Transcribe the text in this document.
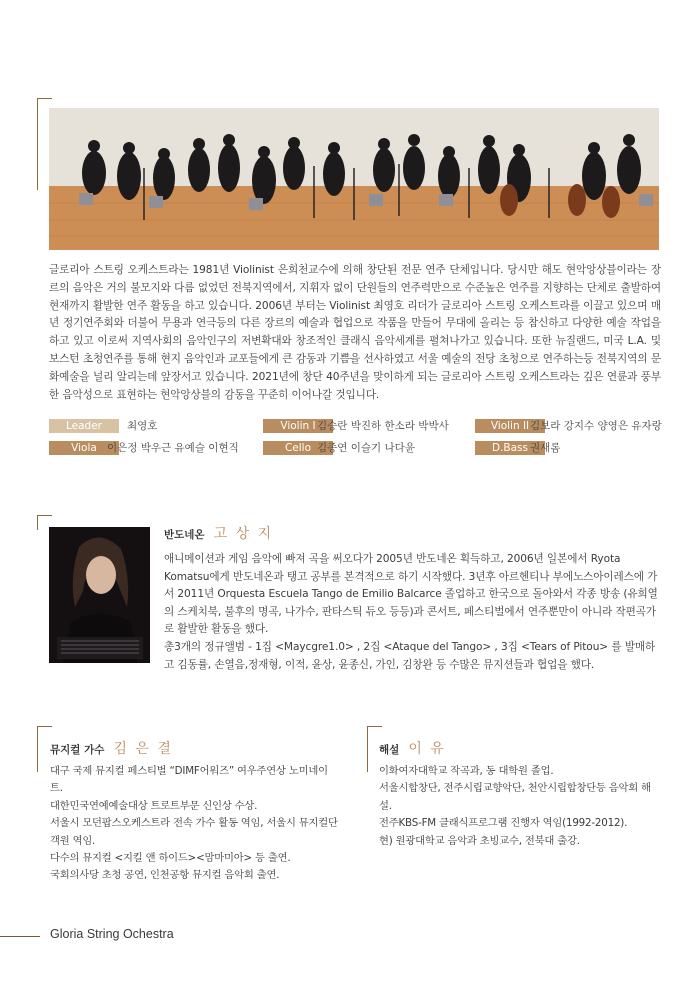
글로리아 스트링 오케스트라는 1981년 Violinist 은희천교수에 의해 창단된 전문 연주 단체입니다. 당시만 해도 현악앙상블이라는 장르의 음악은 거의 불모지와 다름 없었던 전북지역에서, 지휘자 없이 단원들의 연주력만으로 수준높은 연주를 지향하는 단체로 출발하여 현재까지 활발한 연주 활동을 하고 있습니다. 2006년 부터는 Violinist 최영호 리더가 글로리아 스트링 오케스트라를 이끌고 있으며 매년 정기연주회와 더불어 무용과 연극등의 다른 장르의 예술과 협업으로 작품을 만들어 무대에 올리는 등 참신하고 다양한 예술 작업을 하고 있고 이로써 지역사회의 음악인구의 저변확대와 창조적인 클래식 음악세계를 펼쳐나가고 있습니다. 또한 뉴질랜드, 미국 L.A. 및 보스턴 초청연주를 통해 현지 음악인과 교포들에게 큰 감동과 기쁨을 선사하였고 서울 예술의 전당 초청으로 연주하는등 전북지역의 문화예술을 널리 알리는데 앞장서고 있습니다. 2021년에 창단 40주년을 맞이하게 되는 글로리아 스트링 오케스트라는 깊은 연륜과 풍부한 음악성으로 표현하는 현악앙상블의 감동을 꾸준히 이어나갈 것입니다.
Leader	최영호	Violin I 김승란 박진하 한소라 박박사	Violin II 김보라 강지수 양영은 유자랑
Viola 이은정 박우근 유예슬 이현직	Cello 김종연 이슬기 나다윤	D.Bass 권새롬
반도네온 고 상 지

애니메이션과 게임 음악에 빠져 곡을 써오다가 2005년 반도네온 획득하고, 2006년 일본에서 Ryota Komatsu에게 반도네온과 탱고 공부를 본격적으로 하기 시작했다. 3년후 아르헨티나 부에노스아이레스에 가서 2011년 Orquesta Escuela Tango de Emilio Balcarce 졸업하고 한국으로 돌아와서 각종 방송 (유희열의 스케치북, 불후의 명곡, 나가수, 판타스틱 듀오 등등)과 콘서트, 페스티벌에서 연주뿐만이 아니라 작편곡가로 활발한 활동을 했다.

총3개의 정규앨범 - 1집 <Maycgre1.0> , 2집 <Ataque del Tango> , 3집 <Tears of Pitou> 를 발매하고 김동률, 손열음,정재형, 이적, 윤상, 윤종신, 가인, 김창완 등 수많은 뮤지션들과 협업을 했다.

뮤지컬 가수 김 은 결

대구 국제 뮤지컬 페스티벌 “DIMF어워즈” 여우주연상 노미네이트.

대한민국연예예술대상 트로트부문 신인상 수상.

서울시 모던팝스오케스트라 전속 가수 활동 역임, 서울시 뮤지컬단 객원 역임.

다수의 뮤지컬 <지킬 앤 하이드><맘마미아> 등 출연.

국회의사당 초청 공연, 인천공항 뮤지컬 음악회 출연.

해설 이 유

이화여자대학교 작곡과, 동 대학원 졸업.

서울시합창단, 전주시립교향악단, 천안시립합창단등 음악회 해설.

전주KBS-FM 클래식프로그램 진행자 역임(1992-2012).

현) 원광대학교 음악과 초빙교수, 전북대 출강.

Gloria String Ochestra
